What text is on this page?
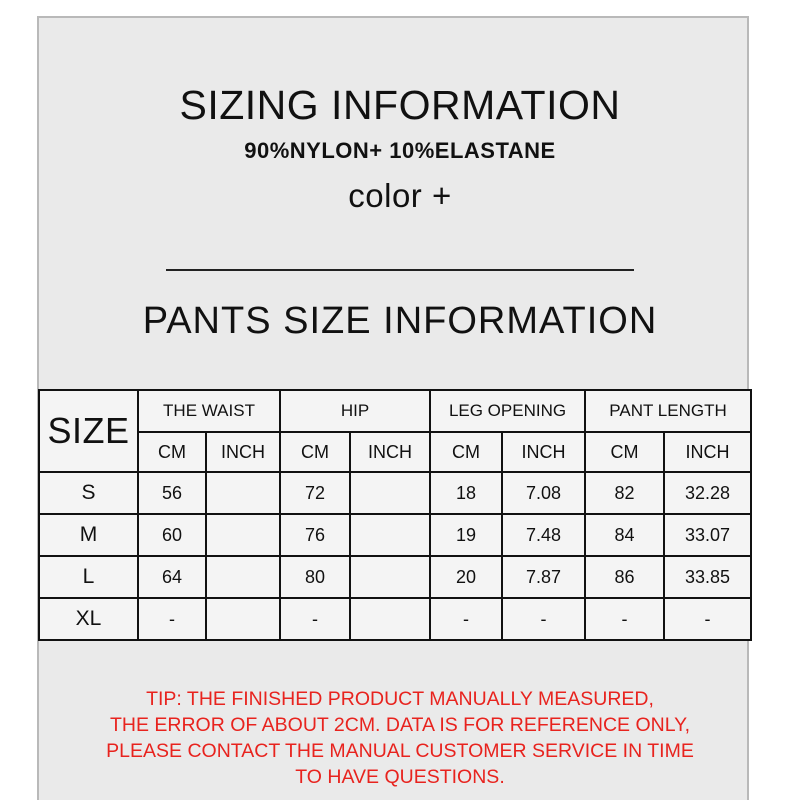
SIZING INFORMATION
90%NYLON+ 10%ELASTANE
color +
PANTS SIZE INFORMATION
SIZE	THE WAIST		HIP		LEG OPENING		PANT LENGTH	
	CM	INCH	CM	INCH	CM	INCH	CM	INCH
S	56		72		18	7.08	82	32.28
M	60		76		19	7.48	84	33.07
L	64		80		20	7.87	86	33.85
XL	-		-		-	-	-	-
TIP: THE FINISHED PRODUCT MANUALLY MEASURED,
THE ERROR OF ABOUT 2CM. DATA IS FOR REFERENCE ONLY,
PLEASE CONTACT THE MANUAL CUSTOMER SERVICE IN TIME
TO HAVE QUESTIONS.
